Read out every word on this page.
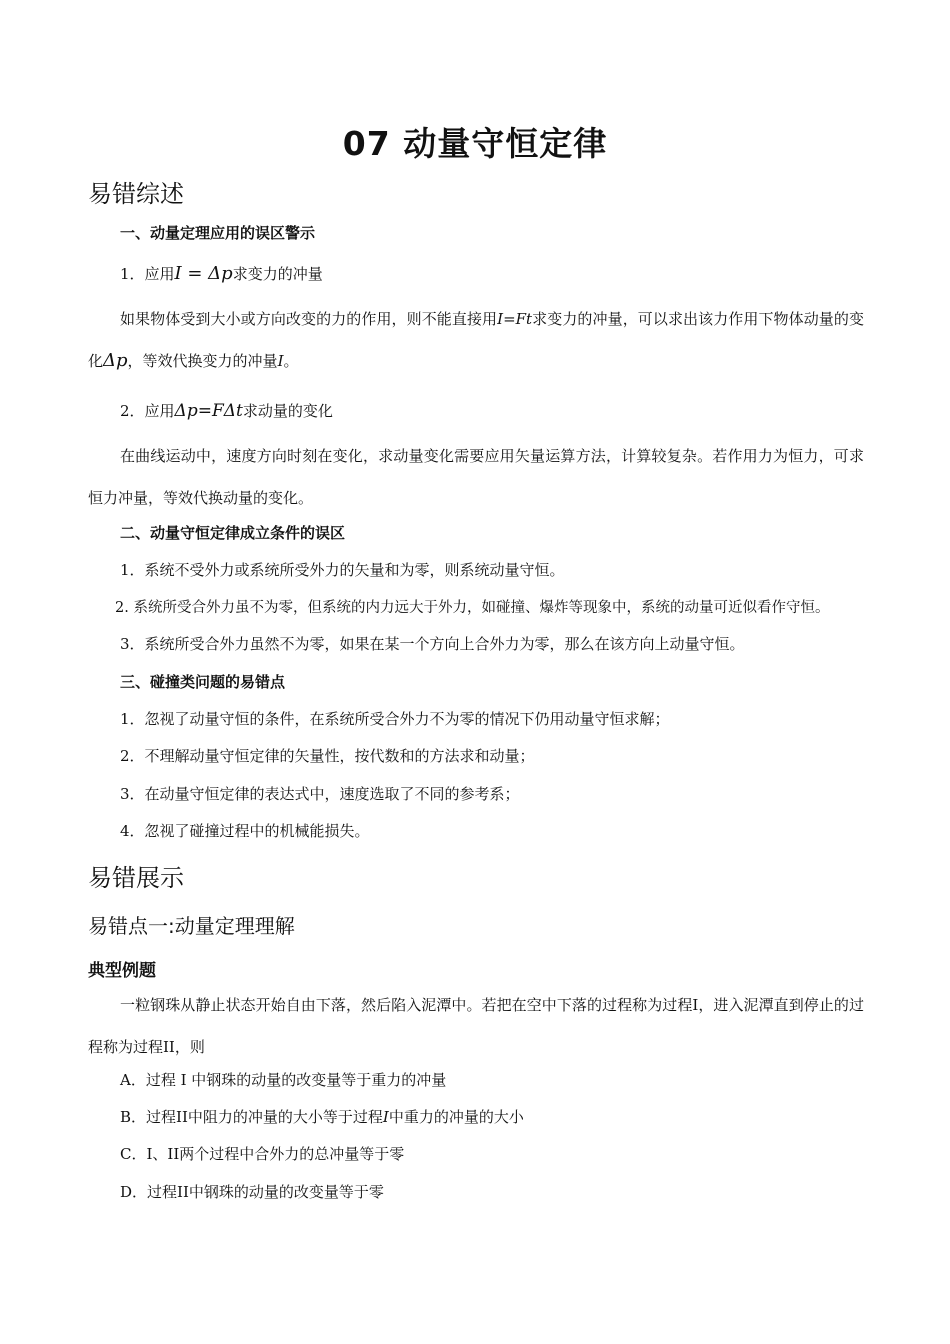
07 动量守恒定律
易错综述
一、动量定理应用的误区警示
1．应用I = Δp求变力的冲量
如果物体受到大小或方向改变的力的作用，则不能直接用I=Ft求变力的冲量，可以求出该力作用下物体动量的变化Δp，等效代换变力的冲量I。
2．应用Δp=FΔt求动量的变化
在曲线运动中，速度方向时刻在变化，求动量变化需要应用矢量运算方法，计算较复杂。若作用力为恒力，可求恒力冲量，等效代换动量的变化。
二、动量守恒定律成立条件的误区
1．系统不受外力或系统所受外力的矢量和为零，则系统动量守恒。
2. 系统所受合外力虽不为零，但系统的内力远大于外力，如碰撞、爆炸等现象中，系统的动量可近似看作守恒。
3．系统所受合外力虽然不为零，如果在某一个方向上合外力为零，那么在该方向上动量守恒。
三、碰撞类问题的易错点
1．忽视了动量守恒的条件，在系统所受合外力不为零的情况下仍用动量守恒求解；
2．不理解动量守恒定律的矢量性，按代数和的方法求和动量；
3．在动量守恒定律的表达式中，速度选取了不同的参考系；
4．忽视了碰撞过程中的机械能损失。
易错展示
易错点一:动量定理理解
典型例题
一粒钢珠从静止状态开始自由下落，然后陷入泥潭中。若把在空中下落的过程称为过程I，进入泥潭直到停止的过程称为过程II，则
A．过程 I 中钢珠的动量的改变量等于重力的冲量
B．过程II中阻力的冲量的大小等于过程I中重力的冲量的大小
C．I、II两个过程中合外力的总冲量等于零
D．过程II中钢珠的动量的改变量等于零
